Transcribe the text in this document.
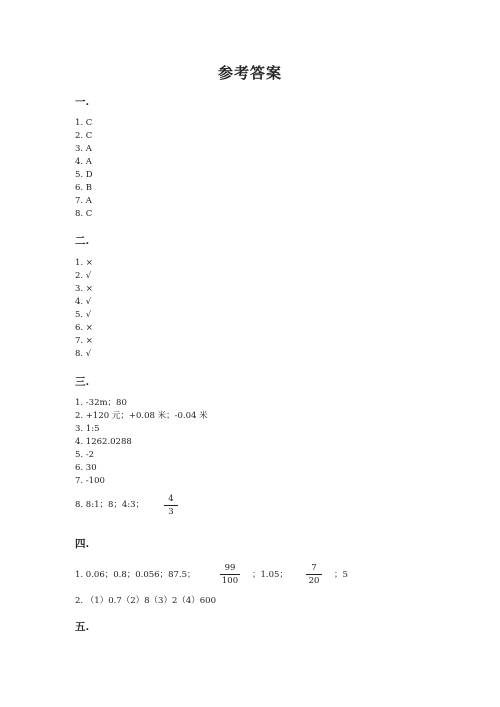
参考答案
一.
1. C
2. C
3. A
4. A
5. D
6. B
7. A
8. C
二.
1. ×
2. √
3. ×
4. √
5. √
6. ×
7. ×
8. √
三.
1. -32m；80
2. +120 元；+0.08 米；-0.04 米
3. 1:5
4. 1262.0288
5. -2
6. 30
7. -100
8. 8:1；8；4:3；
4
3
四.
1. 0.06；0.8；0.056；87.5；
99
100
；1.05；
7
20
；5
2. （1）0.7（2）8（3）2（4）600
五.
